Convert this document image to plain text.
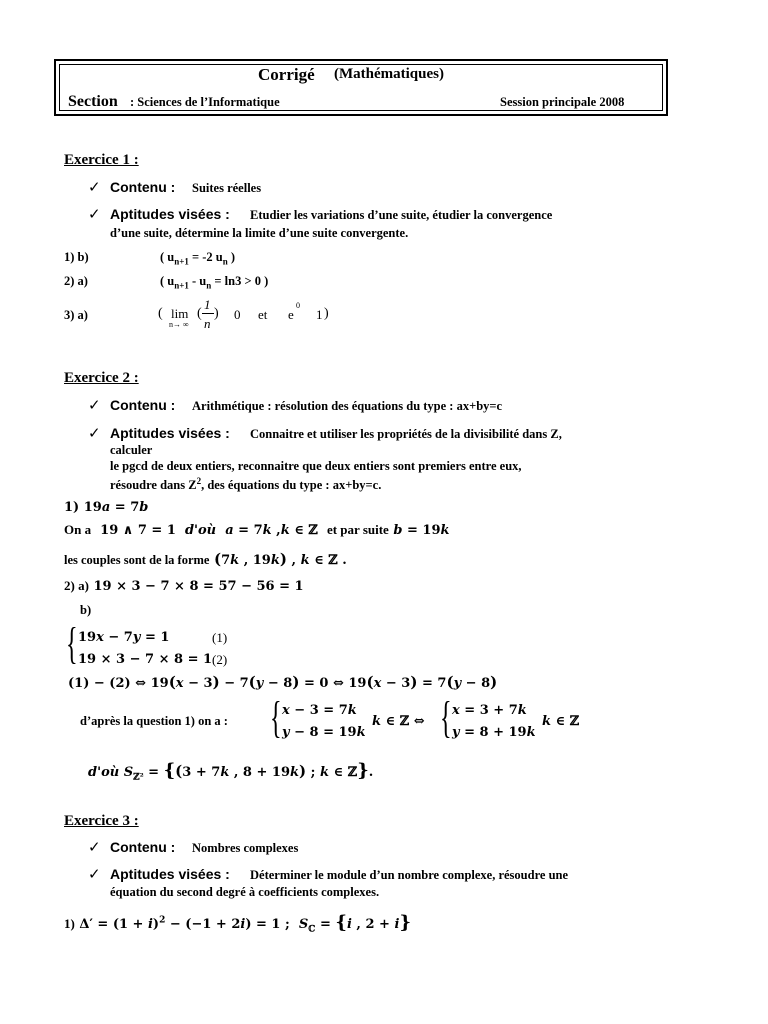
Corrigé (Mathématiques)
Section : Sciences de l’Informatique	Session principale 2008
Exercice 1 :
✓ Contenu : Suites réelles
✓ Aptitudes visées : Etudier les variations d’une suite, étudier la convergence
d’une suite, détermine la limite d’une suite convergente.
1) b)	( $u_{n+1} = -2$ $u_n$ )
2) a)	( $u_{n+1} - u_n = \ln 3 > 0$ )
3) a)	( lim
n→ ∞
(
1
n
) 0 et e
0
1 )
Exercice 2 :
✓ Contenu : Arithmétique : résolution des équations du type : ax+by=c
✓ Aptitudes visées : Connaitre et utiliser les propriétés de la divisibilité dans Z,
calculer
le pgcd de deux entiers, reconnaitre que deux entiers sont premiers entre eux,
résoudre dans $Z^2$, des équations du type : ax+by=c.
1) 19a = 7b
On a  19 ∧ 7 = 1  d'où a = 7k ,k ∈ ℤ  et par suite b = 19k
les couples sont de la forme (7k , 19k) , k ∈ ℤ .
2) a) 19 × 3 − 7 × 8 = 57 − 56 = 1
b)
{ 19x − 7y = 1	(1)
19 × 3 − 7 × 8 = 1 (2)
(1) − (2) ⇔ 19(x − 3) − 7(y − 8) = 0 ⇔ 19(x − 3) = 7(y − 8)
d’après la question 1) on a : { x − 3 = 7k
y − 8 = 19k
k ∈ ℤ ⇔ { x = 3 + 7k
y = 8 + 19k
k ∈ ℤ
d'où $S_{ℤ^2} = \{(3 + 7k$ , 8 + 19k) ; k ∈ ℤ}.
Exercice 3 :
✓ Contenu : Nombres complexes
✓ Aptitudes visées : Déterminer le module d’un nombre complexe, résoudre une
équation du second degré à coefficients complexes.
1) $\Delta' = (1 + i)^2 - (-1 + 2i) = 1$ ;  $S_ℂ = \{i$ , 2 + i}
